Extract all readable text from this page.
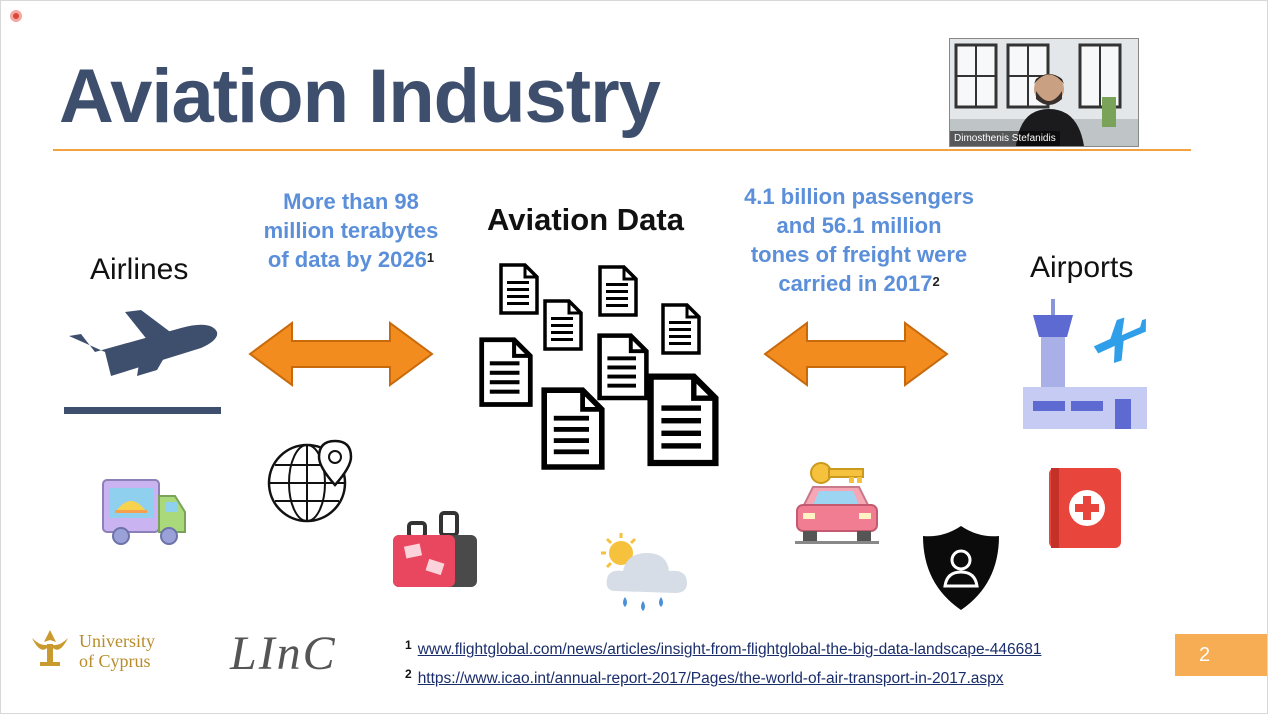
Aviation Industry	Dimosthenis Stefanidis
Airlines	Airports
Aviation Data
More than 98
million terabytes
of data by 2026$^1$
4.1 billion passengers
and 56.1 million
tones of freight were
carried in 2017$^2$
University
of Cyprus LInC	$^1$ www.flightglobal.com/news/articles/insight-from-flightglobal-the-big-data-landscape-446681
$^2$ https://www.icao.int/annual-report-2017/Pages/the-world-of-air-transport-in-2017.aspx
2
